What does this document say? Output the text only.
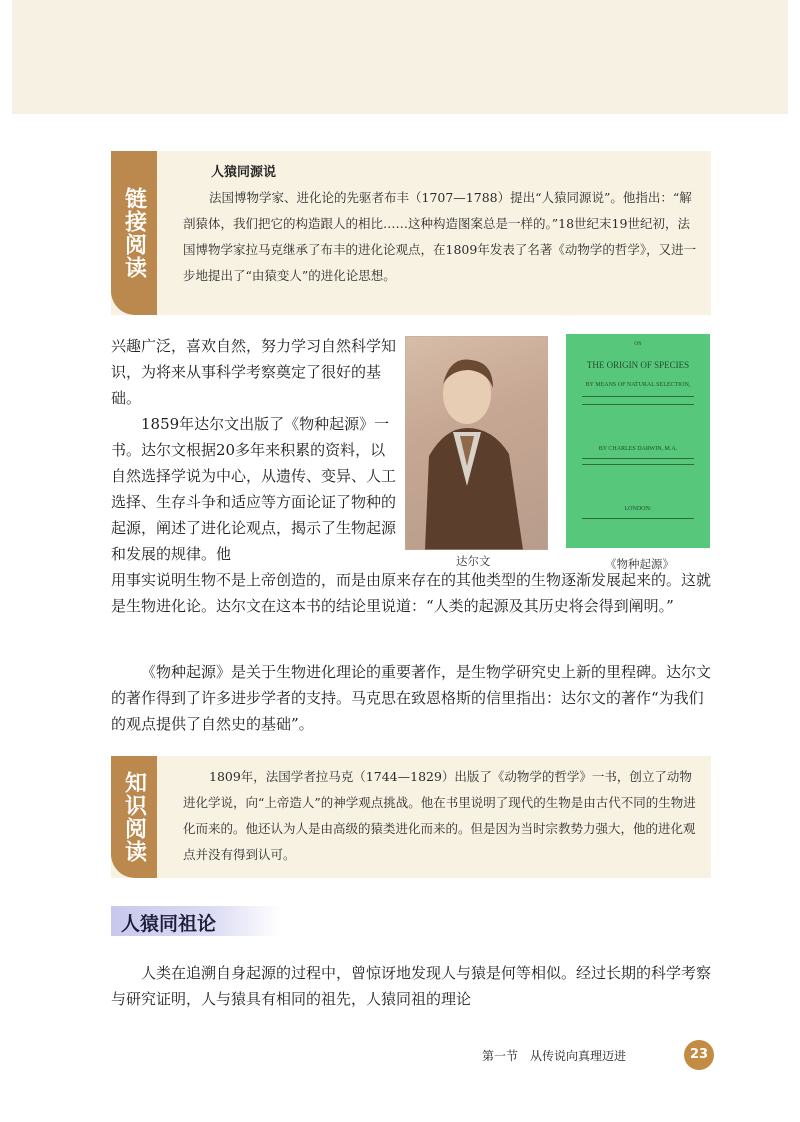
链接阅读
人猿同源说

法国博物学家、进化论的先驱者布丰（1707—1788）提出“人猿同源说”。他指出：“解剖猿体，我们把它的构造跟人的相比……这种构造图案总是一样的。”18世纪末19世纪初，法国博物学家拉马克继承了布丰的进化论观点，在1809年发表了名著《动物学的哲学》，又进一步地提出了“由猿变人”的进化论思想。

兴趣广泛，喜欢自然，努力学习自然科学知识，为将来从事科学考察奠定了很好的基础。

1859年达尔文出版了《物种起源》一书。达尔文根据20多年来积累的资料，以自然选择学说为中心，从遗传、变异、人工选择、生存斗争和适应等方面论证了物种的起源，阐述了进化论观点，揭示了生物起源和发展的规律。他

用事实说明生物不是上帝创造的，而是由原来存在的其他类型的生物逐渐发展起来的。这就是生物进化论。达尔文在这本书的结论里说道：“人类的起源及其历史将会得到阐明。”

《物种起源》是关于生物进化理论的重要著作，是生物学研究史上新的里程碑。达尔文的著作得到了许多进步学者的支持。马克思在致恩格斯的信里指出：达尔文的著作“为我们的观点提供了自然史的基础”。

达尔文
ON
THE ORIGIN OF SPECIES
BY MEANS OF NATURAL SELECTION,
BY CHARLES DARWIN, M.A.
LONDON:
《物种起源》
知识阅读	1809年，法国学者拉马克（1744—1829）出版了《动物学的哲学》一书，创立了动物进化学说，向“上帝造人”的神学观点挑战。他在书里说明了现代的生物是由古代不同的生物进化而来的。他还认为人是由高级的猿类进化而来的。但是因为当时宗教势力强大，他的进化观点并没有得到认可。

人猿同祖论

人类在追溯自身起源的过程中，曾惊讶地发现人与猿是何等相似。经过长期的科学考察与研究证明，人与猿具有相同的祖先，人猿同祖的理论

第一节　从传说向真理迈进	23
